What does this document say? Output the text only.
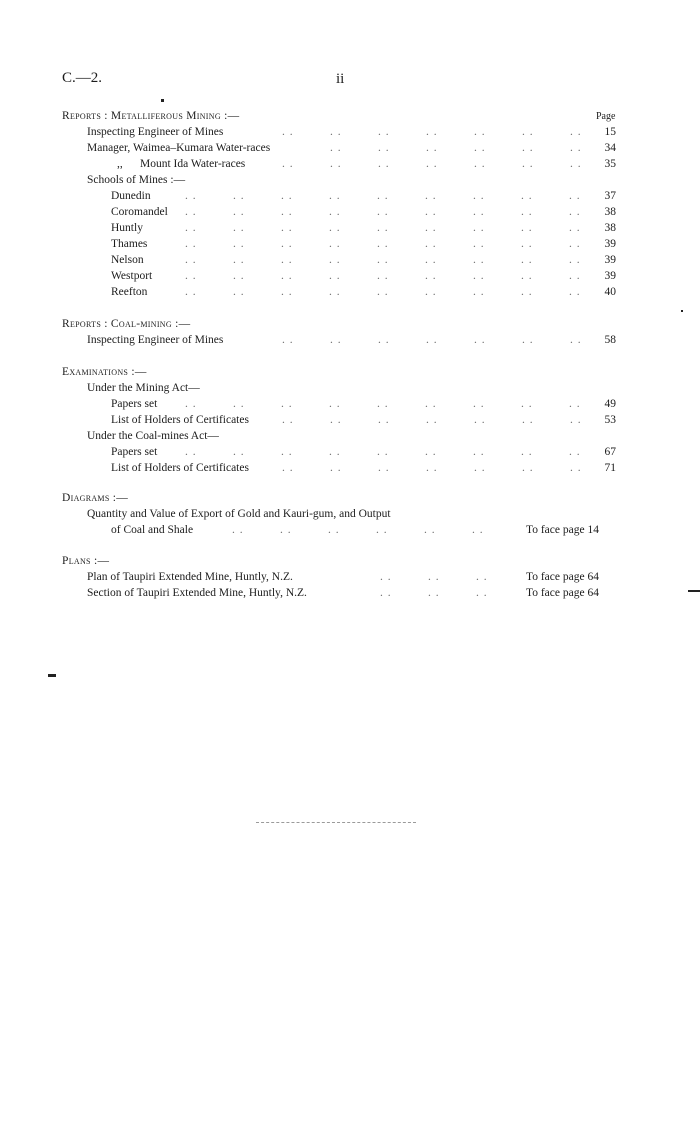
C.—2.	ii
Page
Reports : Metalliferous Mining :—
. .	. .	. .	. .	. .	. .	. .
Inspecting Engineer of Mines	15
. .	. .	. .	. .	. .	. .
Manager, Waimea–Kumara Water-races	34
. .	. .	. .	. .	. .	. .	. .
,,      Mount Ida Water-races	35
Schools of Mines :—
. .	. .	. .	. .	. .	. .	. .	. .	. .
Dunedin	37
. .	. .	. .	. .	. .	. .	. .	. .	. .
Coromandel	38
. .	. .	. .	. .	. .	. .	. .	. .	. .
Huntly	38
. .	. .	. .	. .	. .	. .	. .	. .	. .
Thames	39
. .	. .	. .	. .	. .	. .	. .	. .	. .
Nelson	39
. .	. .	. .	. .	. .	. .	. .	. .	. .
Westport	39
. .	. .	. .	. .	. .	. .	. .	. .	. .
Reefton	40
Reports : Coal-mining :—
. .	. .	. .	. .	. .	. .	. .
Inspecting Engineer of Mines	58
Examinations :—
Under the Mining Act—
. .	. .	. .	. .	. .	. .	. .	. .	. .
Papers set	49
. .	. .	. .	. .	. .	. .	. .
List of Holders of Certificates	53
Under the Coal-mines Act—
. .	. .	. .	. .	. .	. .	. .	. .	. .
Papers set	67
. .	. .	. .	. .	. .	. .	. .
List of Holders of Certificates	71
Diagrams :—
Quantity and Value of Export of Gold and Kauri-gum, and Output
. .	. .	. .	. .	. .	. .
of Coal and Shale	To face page 14
Plans :—
. .	. .	. .
Plan of Taupiri Extended Mine, Huntly, N.Z.	To face page 64
. .	. .	. .
Section of Taupiri Extended Mine, Huntly, N.Z.	To face page 64
